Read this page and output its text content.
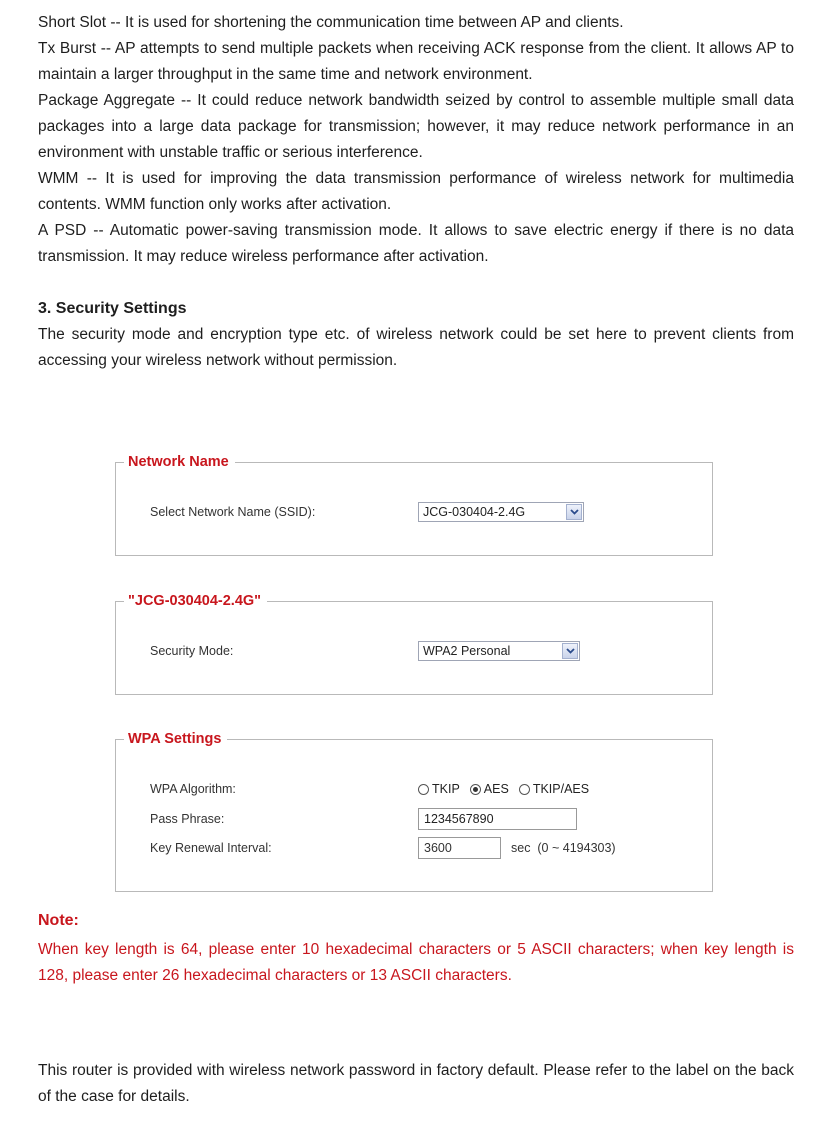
Short Slot -- It is used for shortening the communication time between AP and clients.

Tx Burst -- AP attempts to send multiple packets when receiving ACK response from the client. It allows AP to maintain a larger throughput in the same time and network environment.

Package Aggregate -- It could reduce network bandwidth seized by control to assemble multiple small data packages into a large data package for transmission; however, it may reduce network performance in an environment with unstable traffic or serious interference.

WMM -- It is used for improving the data transmission performance of wireless network for multimedia contents. WMM function only works after activation.

A PSD -- Automatic power-saving transmission mode. It allows to save electric energy if there is no data transmission. It may reduce wireless performance after activation.

3. Security Settings

The security mode and encryption type etc. of wireless network could be set here to prevent clients from accessing your wireless network without permission.

Network Name
Select Network Name (SSID):	JCG-030404-2.4G
"JCG-030404-2.4G"
Security Mode:	WPA2 Personal
WPA Settings
WPA Algorithm:	TKIP AES TKIP/AES
Pass Phrase:	1234567890
Key Renewal Interval:	3600	sec  (0 ~ 4194303)
Note:

When key length is 64, please enter 10 hexadecimal characters or 5 ASCII characters; when key length is 128, please enter 26 hexadecimal characters or 13 ASCII characters.

This router is provided with wireless network password in factory default. Please refer to the label on the back of the case for details.
